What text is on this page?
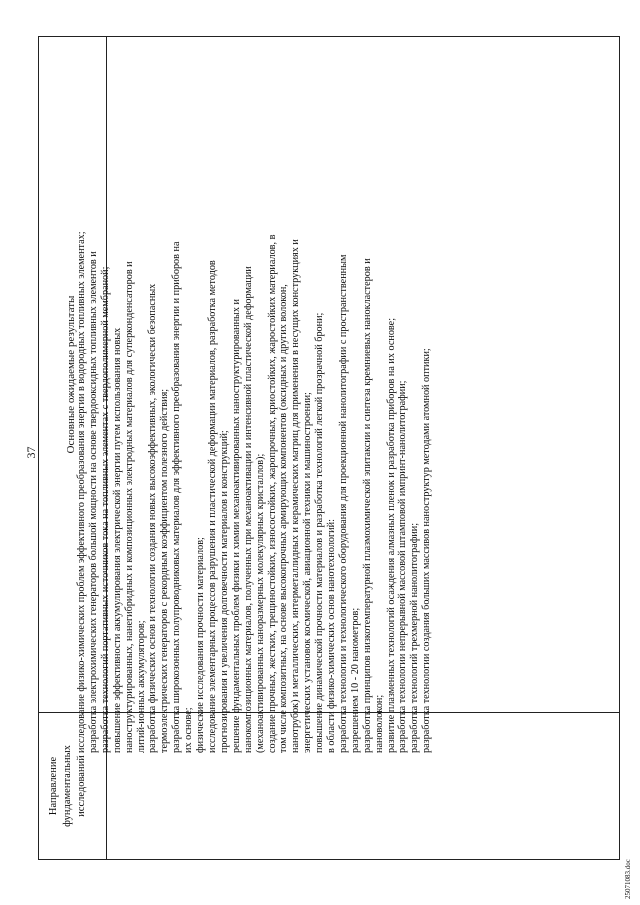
37
Направление фундаментальных исследований
Основные ожидаемые результаты исследование физико-химических проблем эффективного преобразования энергии в водородных топливных элементах; разработка электрохимических генераторов большой мощности на основе твердооксидных топливных элементов и разработка технологий портативных источников тока на топливных элементах с твердополимерной мембраной; повышение эффективности аккумулирования электрической энергии путем использования новых наноструктурированных, нанегибридных и композиционных электродных материалов для суперконденсаторов и литий-ионных аккумуляторов; разработка физических основ и технологии создания новых высокоэффективных, экологически безопасных термоэлектрических генераторов с рекордным коэффициентом полезного действия; разработка широкозонных полупроводниковых материалов для эффективного преобразования энергии и приборов на их основе; физические исследования прочности материалов; исследование элементарных процессов разрушения и пластической деформации материалов, разработка методов прогнозирования и увеличения долговечности материалов и конструкций; решение фундаментальных проблем физики и химии механоактивированных наноструктурированных и нанокомпозиционных материалов, полученных при механоактивации и интенсивной пластической деформации (механоактивированных наноразмерных молекулярных кристаллов); создание прочных, жестких, трещиностойких, износостойких, жаропрочных, криостойких, жаростойких материалов, в том числе композитных, на основе высокопрочных армирующих компонентов (оксидных и других волокон, нанотрубок) и металлических, интерметаллидных и керамических матриц для применения в несущих конструкциях и энергетических установок космической, авиационной техники и машиностроении; повышение динамической прочности материалов и разработка технологий легкой прозрачной брони; в области физико-химических основ нанотехнологий: разработка технологии и технологического оборудования для проекционной нанолитографии с пространственным разрешением 10 - 20 нанометров; разработка принципов низкотемпературной плазмохимической эпитаксии и синтеза кремниевых нанокластеров и нановолокон; развитие плазменных технологий осаждения алмазных пленок и разработка приборов на их основе; разработка технологии непрерывной массовой штамповой импринт-нанолитографии; разработка технологий трехмерной нанолитографии; разработка технологии создания больших массивов наноструктур методами атомной оптики;
25071083.doc
